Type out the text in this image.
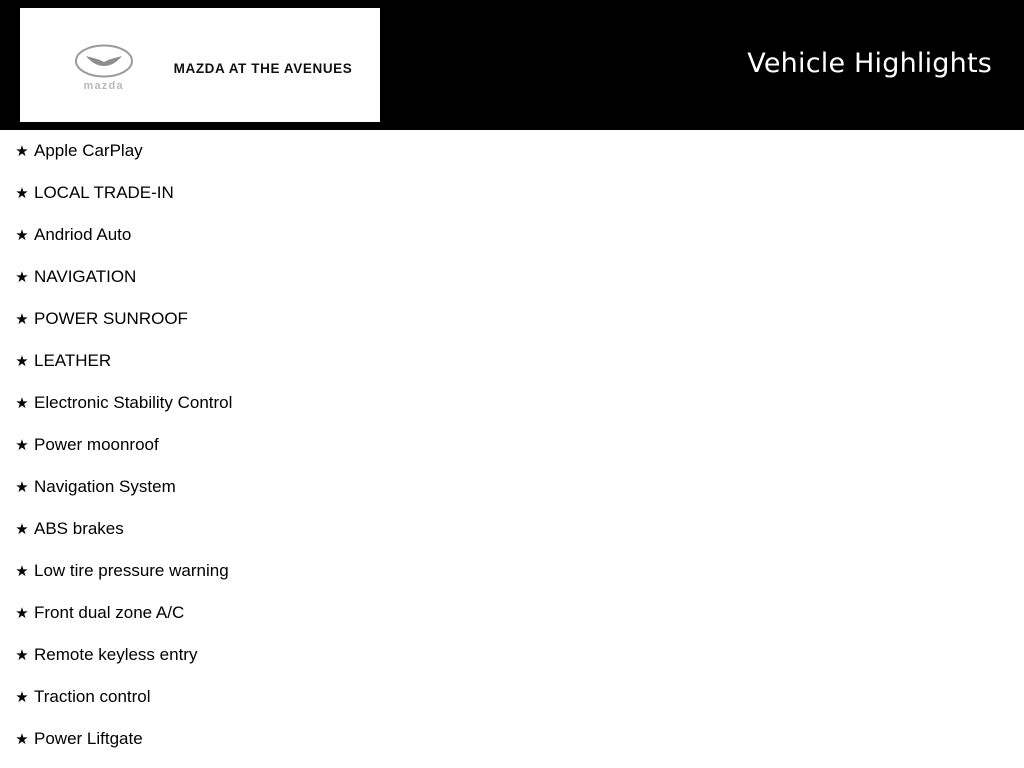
mazda
MAZDA AT THE AVENUES	Vehicle Highlights
★ Apple CarPlay
★ LOCAL TRADE-IN
★ Andriod Auto
★ NAVIGATION
★ POWER SUNROOF
★ LEATHER
★ Electronic Stability Control
★ Power moonroof
★ Navigation System
★ ABS brakes
★ Low tire pressure warning
★ Front dual zone A/C
★ Remote keyless entry
★ Traction control
★ Power Liftgate
